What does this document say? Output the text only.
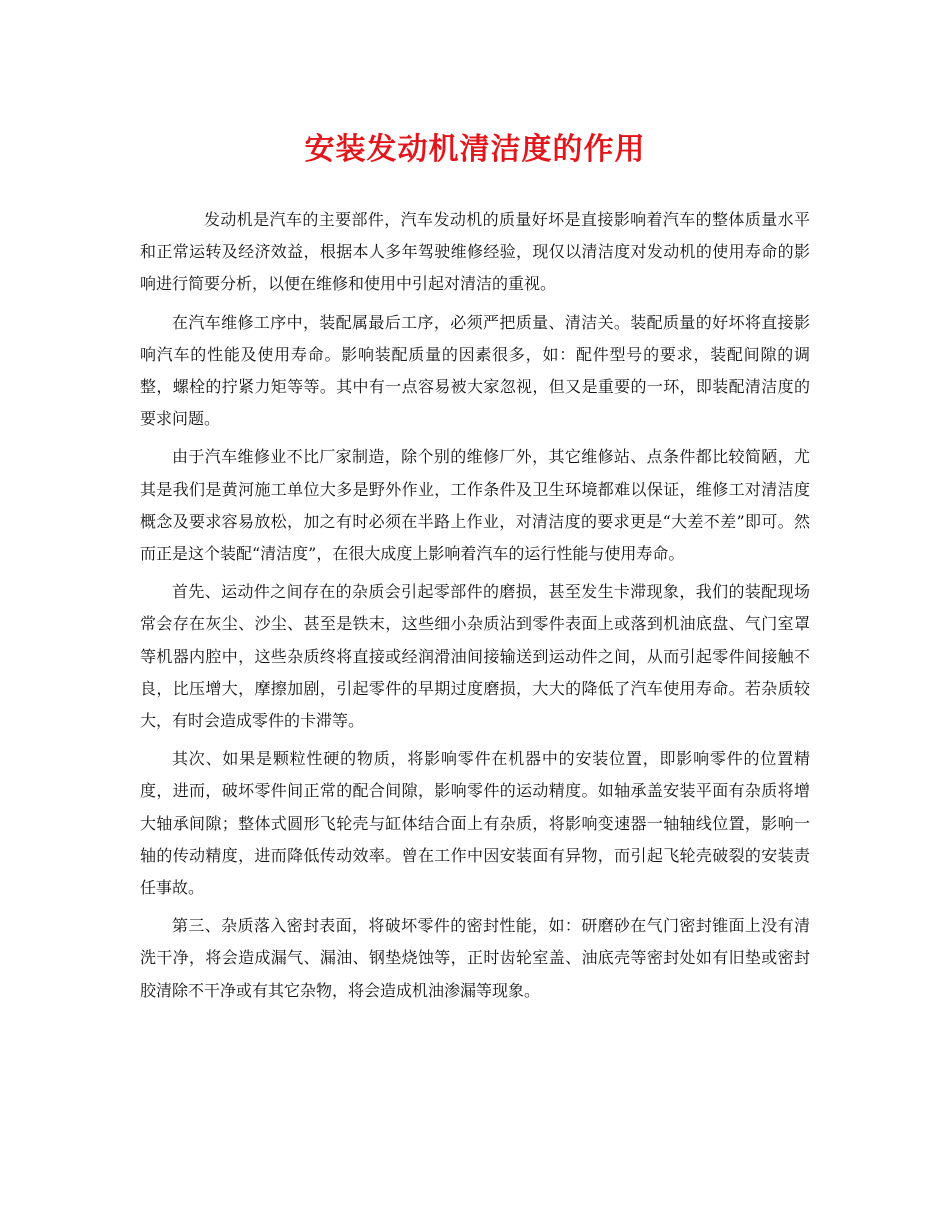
安装发动机清洁度的作用

发动机是汽车的主要部件，汽车发动机的质量好坏是直接影响着汽车的整体质量水平和正常运转及经济效益，根据本人多年驾驶维修经验，现仅以清洁度对发动机的使用寿命的影响进行简要分析，以便在维修和使用中引起对清洁的重视。

在汽车维修工序中，装配属最后工序，必须严把质量、清洁关。装配质量的好坏将直接影响汽车的性能及使用寿命。影响装配质量的因素很多，如：配件型号的要求，装配间隙的调整，螺栓的拧紧力矩等等。其中有一点容易被大家忽视，但又是重要的一环，即装配清洁度的要求问题。

由于汽车维修业不比厂家制造，除个别的维修厂外，其它维修站、点条件都比较简陋，尤其是我们是黄河施工单位大多是野外作业，工作条件及卫生环境都难以保证，维修工对清洁度概念及要求容易放松，加之有时必须在半路上作业，对清洁度的要求更是“大差不差”即可。然而正是这个装配“清洁度”，在很大成度上影响着汽车的运行性能与使用寿命。

首先、运动件之间存在的杂质会引起零部件的磨损，甚至发生卡滞现象，我们的装配现场常会存在灰尘、沙尘、甚至是铁末，这些细小杂质沾到零件表面上或落到机油底盘、气门室罩等机器内腔中，这些杂质终将直接或经润滑油间接输送到运动件之间，从而引起零件间接触不良，比压增大，摩擦加剧，引起零件的早期过度磨损，大大的降低了汽车使用寿命。若杂质较大，有时会造成零件的卡滞等。

其次、如果是颗粒性硬的物质，将影响零件在机器中的安装位置，即影响零件的位置精度，进而，破坏零件间正常的配合间隙，影响零件的运动精度。如轴承盖安装平面有杂质将增大轴承间隙；整体式圆形飞轮壳与缸体结合面上有杂质，将影响变速器一轴轴线位置，影响一轴的传动精度，进而降低传动效率。曾在工作中因安装面有异物，而引起飞轮壳破裂的安装责任事故。

第三、杂质落入密封表面，将破坏零件的密封性能，如：研磨砂在气门密封锥面上没有清洗干净，将会造成漏气、漏油、钢垫烧蚀等，正时齿轮室盖、油底壳等密封处如有旧垫或密封胶清除不干净或有其它杂物，将会造成机油渗漏等现象。
